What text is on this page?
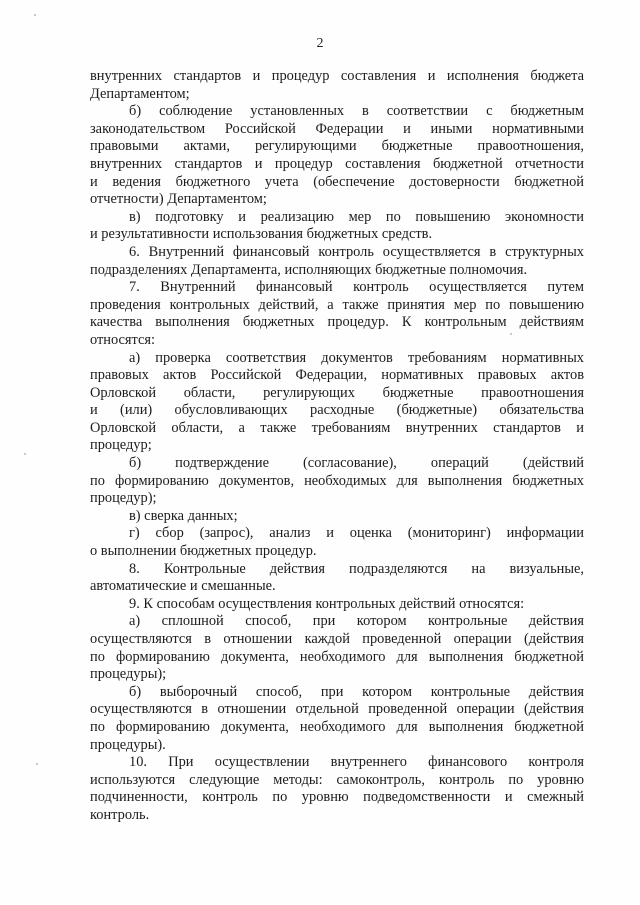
2
внутренних стандартов и процедур составления и исполнения бюджета
Департаментом;
б) соблюдение установленных в соответствии с бюджетным
законодательством Российской Федерации и иными нормативными
правовыми актами, регулирующими бюджетные правоотношения,
внутренних стандартов и процедур составления бюджетной отчетности
и ведения бюджетного учета (обеспечение достоверности бюджетной
отчетности) Департаментом;
в) подготовку и реализацию мер по повышению экономности
и результативности использования бюджетных средств.
6. Внутренний финансовый контроль осуществляется в структурных
подразделениях Департамента, исполняющих бюджетные полномочия.
7. Внутренний финансовый контроль осуществляется путем
проведения контрольных действий, а также принятия мер по повышению
качества выполнения бюджетных процедур. К контрольным действиям
относятся:
а) проверка соответствия документов требованиям нормативных
правовых актов Российской Федерации, нормативных правовых актов
Орловской области, регулирующих бюджетные правоотношения
и (или) обусловливающих расходные (бюджетные) обязательства
Орловской области, а также требованиям внутренних стандартов и
процедур;
б) подтверждение (согласование), операций (действий
по формированию документов, необходимых для выполнения бюджетных
процедур);
в) сверка данных;
г) сбор (запрос), анализ и оценка (мониторинг) информации
о выполнении бюджетных процедур.
8. Контрольные действия подразделяются на визуальные,
автоматические и смешанные.
9. К способам осуществления контрольных действий относятся:
а) сплошной способ, при котором контрольные действия
осуществляются в отношении каждой проведенной операции (действия
по формированию документа, необходимого для выполнения бюджетной
процедуры);
б) выборочный способ, при котором контрольные действия
осуществляются в отношении отдельной проведенной операции (действия
по формированию документа, необходимого для выполнения бюджетной
процедуры).
10. При осуществлении внутреннего финансового контроля
используются следующие методы: самоконтроль, контроль по уровню
подчиненности, контроль по уровню подведомственности и смежный
контроль.
